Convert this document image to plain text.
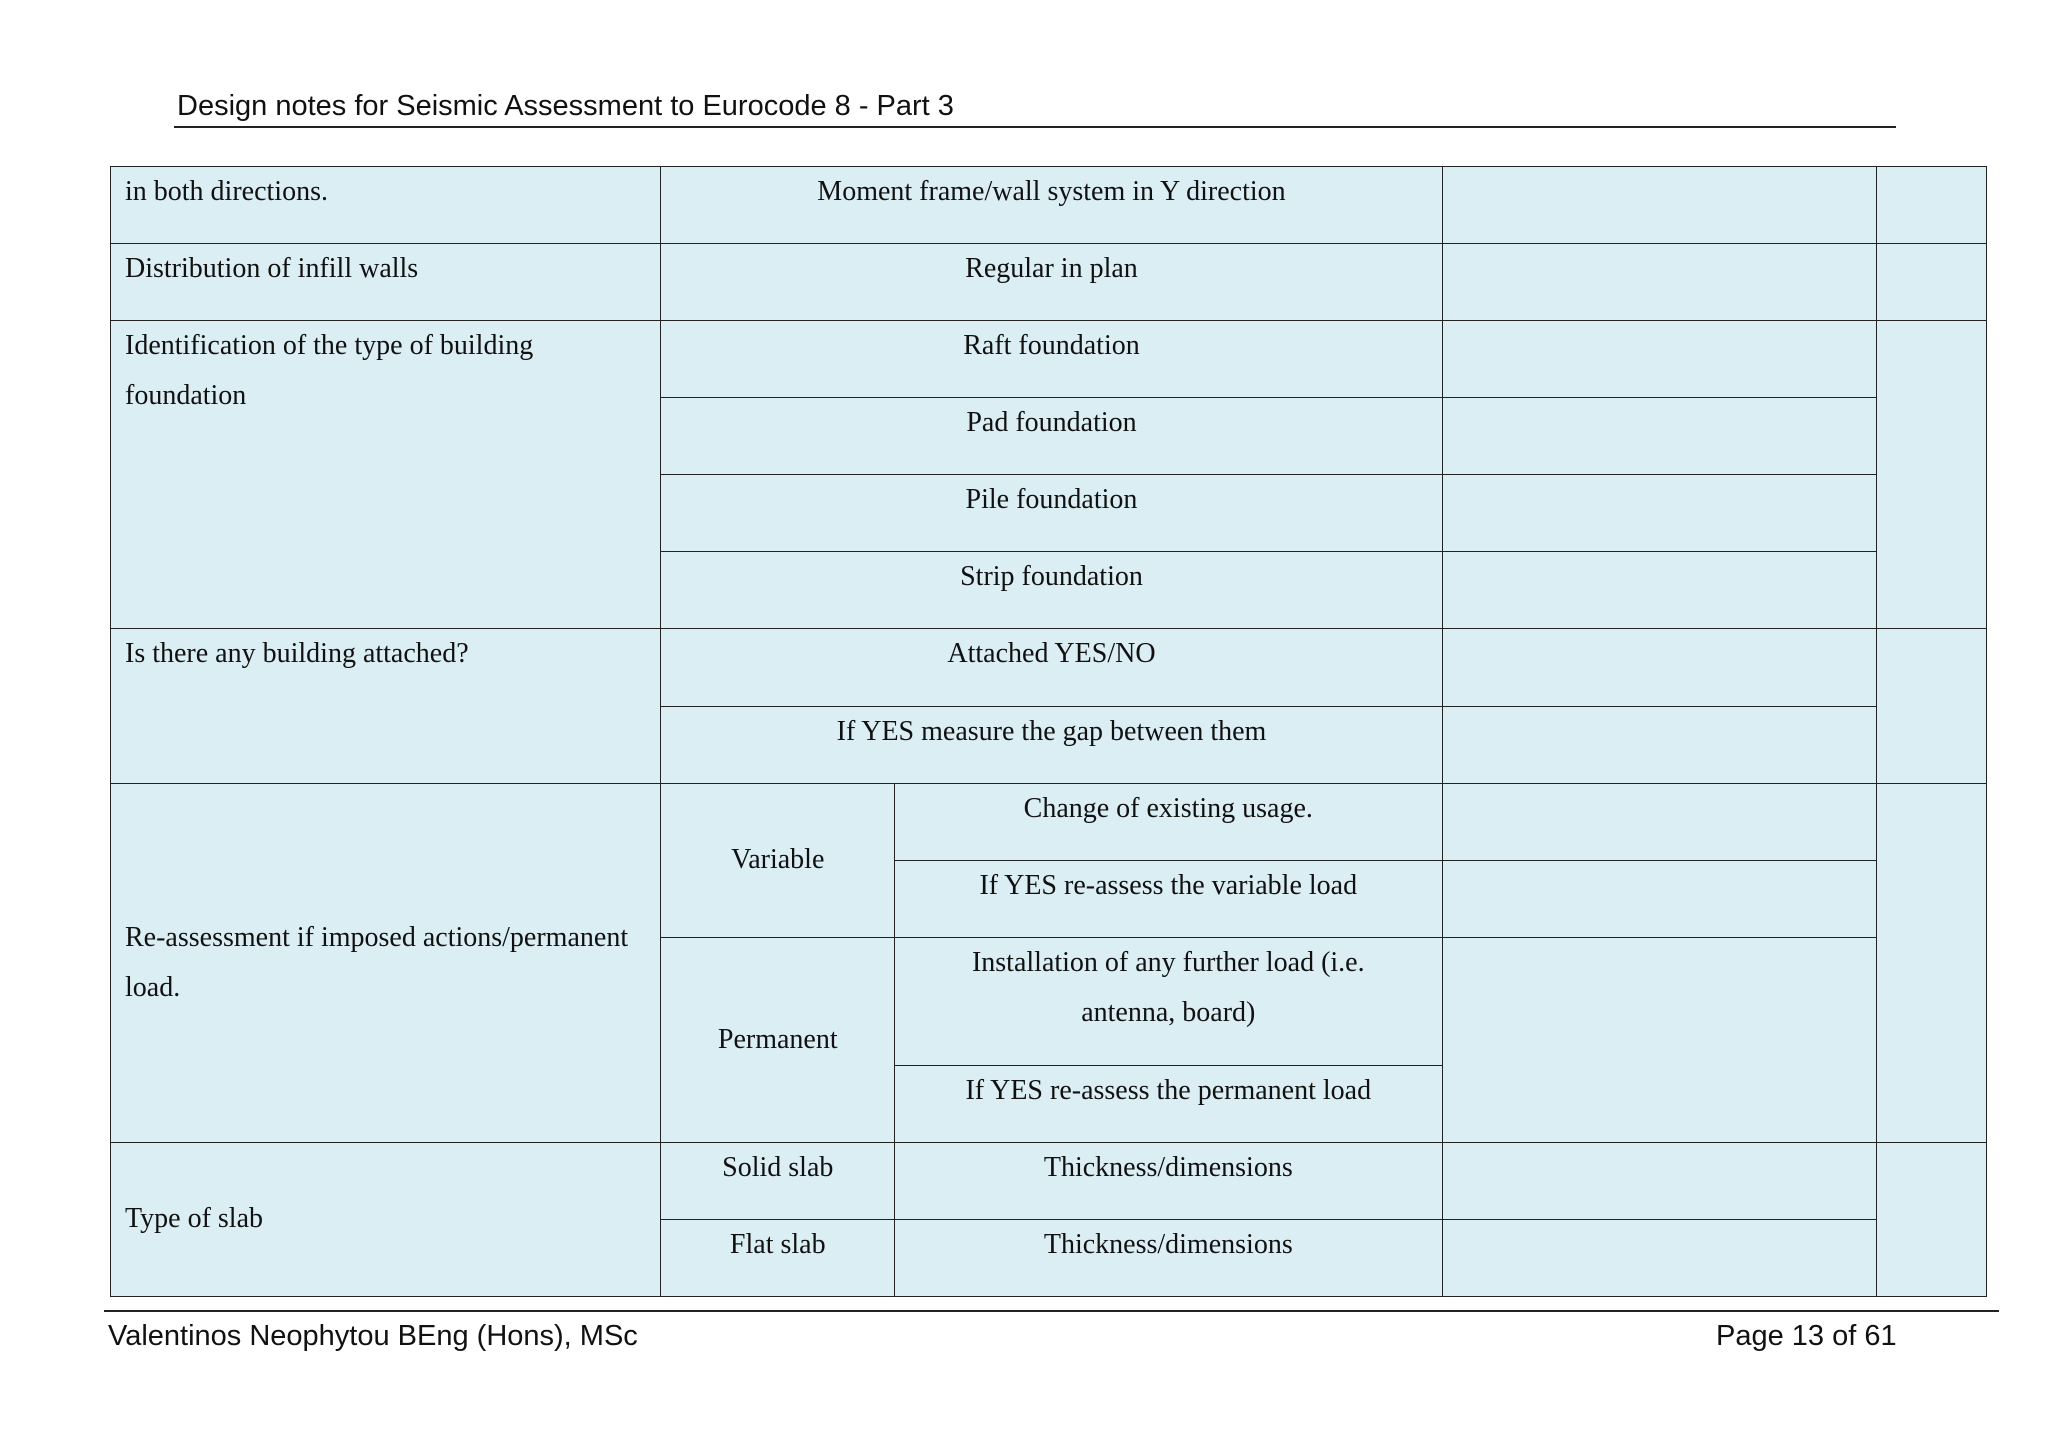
Design notes for Seismic Assessment to Eurocode 8 - Part 3
in both directions.	Moment frame/wall system in Y direction			
Distribution of infill walls	Regular in plan			
Identification of the type of building foundation	Raft foundation			
	Pad foundation			
	Pile foundation			
	Strip foundation			
Is there any building attached?	Attached YES/NO			
	If YES measure the gap between them			
Re-assessment if imposed actions/permanent load.	Variable	Change of existing usage.		
		If YES re-assess the variable load		
	Permanent	Installation of any further load (i.e. antenna, board)		
		If YES re-assess the permanent load		
Type of slab	Solid slab	Thickness/dimensions		
	Flat slab	Thickness/dimensions		
Valentinos Neophytou BEng (Hons), MSc	Page 13 of 61
